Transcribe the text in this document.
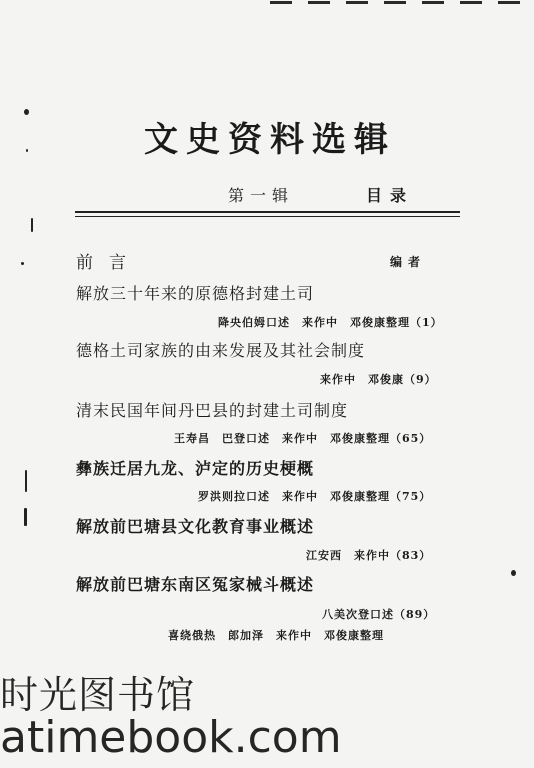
文史资料选辑
第一辑	目录
前言	编者
解放三十年来的原德格封建土司
降央伯姆口述　来作中　邓俊康整理（1）
德格土司家族的由来发展及其社会制度
来作中　邓俊康（9）
清末民国年间丹巴县的封建土司制度
王寿昌　巴登口述　来作中　邓俊康整理（65）
彝族迁居九龙、泸定的历史梗概
罗洪则拉口述　来作中　邓俊康整理（75）
解放前巴塘县文化教育事业概述
江安西　来作中（83）
解放前巴塘东南区冤家械斗概述
八美次登口述（89）
喜绕俄热　郎加泽　来作中　邓俊康整理
时光图书馆
atimebook.com
